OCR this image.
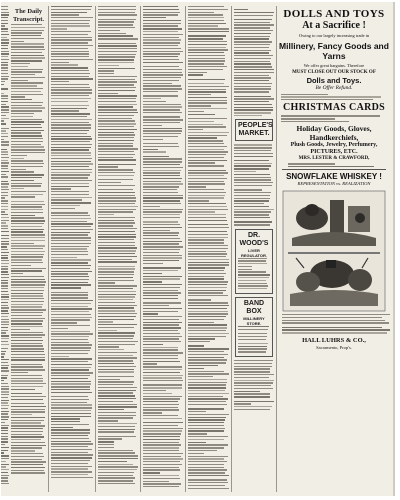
The Daily Transcript.
PEOPLE'S MARKET.
DR. WOOD'S
LIVER REGULATOR.
BAND BOX
MILLINERY STORE.
DOLLS AND TOYS
At a Sacrifice !
Owing to our largely increasing trade in
Millinery, Fancy Goods and Yarns
We offer great bargains. Therefore
MUST CLOSE OUT OUR STOCK OF
Dolls and Toys.
Be Offer Refund.
CHRISTMAS CARDS
Holiday Goods, Gloves,
Handkerchiefs,
Plush Goods, Jewelry, Perfumery,
PICTURES, ETC.
MRS. LESTER & CRAWFORD,
SNOWFLAKE WHISKEY !
REPRESENTATION vs. REALIZATION
HALL LUHRS & CO.,
Sacramento, Prop's.
